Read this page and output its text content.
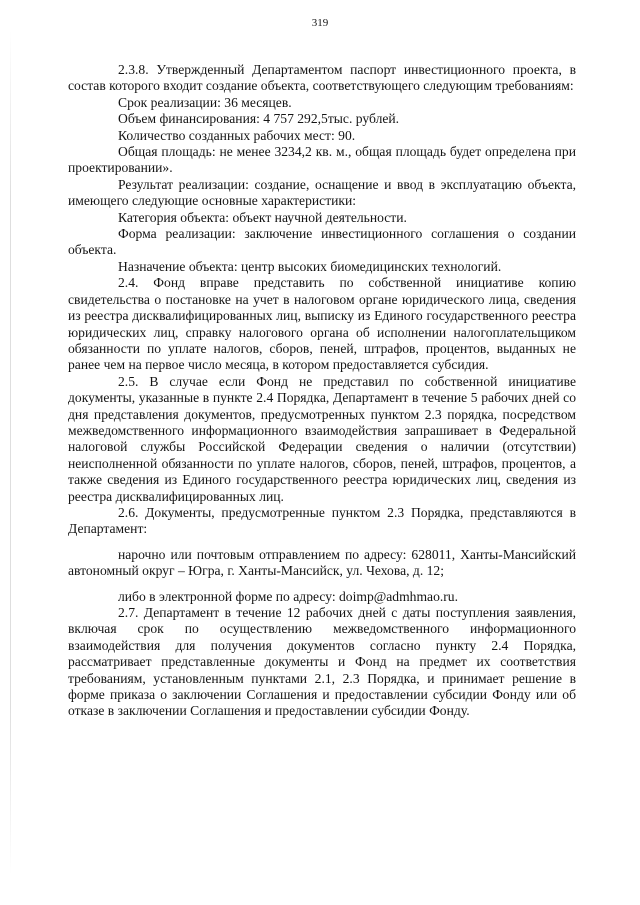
319

2.3.8. Утвержденный Департаментом паспорт инвестиционного проекта, в состав которого входит создание объекта, соответствующего следующим требованиям:

Срок реализации: 36 месяцев.

Объем финансирования: 4 757 292,5тыс. рублей.

Количество созданных рабочих мест: 90.

Общая площадь: не менее 3234,2 кв. м., общая площадь будет определена при проектировании».

Результат реализации: создание, оснащение и ввод в эксплуатацию объекта, имеющего следующие основные характеристики:

Категория объекта: объект научной деятельности.

Форма реализации: заключение инвестиционного соглашения о создании объекта.

Назначение объекта: центр высоких биомедицинских технологий.

2.4. Фонд вправе представить по собственной инициативе копию свидетельства о постановке на учет в налоговом органе юридического лица, сведения из реестра дисквалифицированных лиц, выписку из Единого государственного реестра юридических лиц, справку налогового органа об исполнении налогоплательщиком обязанности по уплате налогов, сборов, пеней, штрафов, процентов, выданных не ранее чем на первое число месяца, в котором предоставляется субсидия.

2.5. В случае если Фонд не представил по собственной инициативе документы, указанные в пункте 2.4 Порядка, Департамент в течение 5 рабочих дней со дня представления документов, предусмотренных пунктом 2.3 порядка, посредством межведомственного информационного взаимодействия запрашивает в Федеральной налоговой службы Российской Федерации сведения о наличии (отсутствии) неисполненной обязанности по уплате налогов, сборов, пеней, штрафов, процентов, а также сведения из Единого государственного реестра юридических лиц, сведения из реестра дисквалифицированных лиц.

2.6. Документы, предусмотренные пунктом 2.3 Порядка, представляются в Департамент:

нарочно или почтовым отправлением по адресу: 628011, Ханты-Мансийский автономный округ – Югра, г. Ханты-Мансийск, ул. Чехова, д. 12;

либо в электронной форме по адресу: doimp@admhmao.ru.

2.7. Департамент в течение 12 рабочих дней с даты поступления заявления, включая срок по осуществлению межведомственного информационного взаимодействия для получения документов согласно пункту 2.4 Порядка, рассматривает представленные документы и Фонд на предмет их соответствия требованиям, установленным пунктами 2.1, 2.3 Порядка, и принимает решение в форме приказа о заключении Соглашения и предоставлении субсидии Фонду или об отказе в заключении Соглашения и предоставлении субсидии Фонду.
